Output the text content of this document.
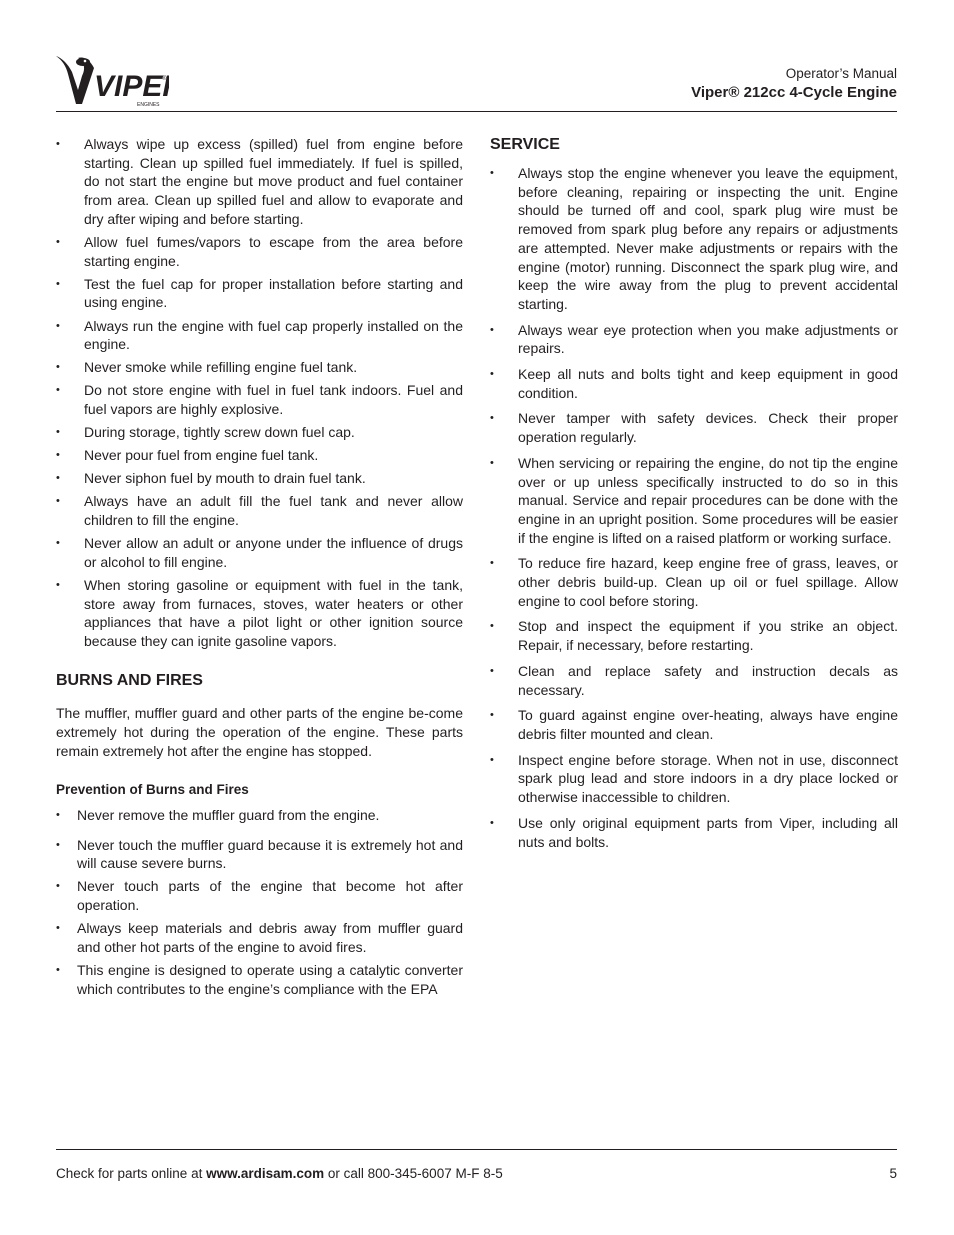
VIPE
ENGINES
®	Operator’s Manual
Viper® 212cc 4-Cycle Engine
• Always wipe up excess (spilled) fuel from engine before starting. Clean up spilled fuel immediately. If fuel is spilled, do not start the engine but move product and fuel container from area. Clean up spilled fuel and allow to evaporate and dry after wiping and before starting.
• Allow fuel fumes/vapors to escape from the area before starting engine.
• Test the fuel cap for proper installation before starting and using engine.
• Always run the engine with fuel cap properly installed on the engine.
• Never smoke while refilling engine fuel tank.
• Do not store engine with fuel in fuel tank indoors. Fuel and fuel vapors are highly explosive.
• During storage, tightly screw down fuel cap.
• Never pour fuel from engine fuel tank.
• Never siphon fuel by mouth to drain fuel tank.
• Always have an adult fill the fuel tank and never allow children to fill the engine.
• Never allow an adult or anyone under the influence of drugs or alcohol to fill engine.
• When storing gasoline or equipment with fuel in the tank, store away from furnaces, stoves, water heaters or other appliances that have a pilot light or other ignition source because they can ignite gasoline vapors.
BURNS AND FIRES

The muffler, muffler guard and other parts of the engine be-come extremely hot during the operation of the engine. These parts remain extremely hot after the engine has stopped.

Prevention of Burns and Fires
• Never remove the muffler guard from the engine.
• Never touch the muffler guard because it is extremely hot and will cause severe burns.
• Never touch parts of the engine that become hot after operation.
• Always keep materials and debris away from muffler guard and other hot parts of the engine to avoid fires.
• This engine is designed to operate using a catalytic converter which contributes to the engine’s compliance with the EPA
SERVICE
• Always stop the engine whenever you leave the equipment, before cleaning, repairing or inspecting the unit. Engine should be turned off and cool, spark plug wire must be removed from spark plug before any repairs or adjustments are attempted. Never make adjustments or repairs with the engine (motor) running. Disconnect the spark plug wire, and keep the wire away from the plug to prevent accidental starting.
• Always wear eye protection when you make adjustments or repairs.
• Keep all nuts and bolts tight and keep equipment in good condition.
• Never tamper with safety devices. Check their proper operation regularly.
• When servicing or repairing the engine, do not tip the engine over or up unless specifically instructed to do so in this manual. Service and repair procedures can be done with the engine in an upright position. Some procedures will be easier if the engine is lifted on a raised platform or working surface.
• To reduce fire hazard, keep engine free of grass, leaves, or other debris build-up. Clean up oil or fuel spillage. Allow engine to cool before storing.
• Stop and inspect the equipment if you strike an object. Repair, if necessary, before restarting.
• Clean and replace safety and instruction decals as necessary.
• To guard against engine over-heating, always have engine debris filter mounted and clean.
• Inspect engine before storage. When not in use, disconnect spark plug lead and store indoors in a dry place locked or otherwise inaccessible to children.
• Use only original equipment parts from Viper, including all nuts and bolts.
Check for parts online at www.ardisam.com or call 800-345-6007 M-F 8-5	5
